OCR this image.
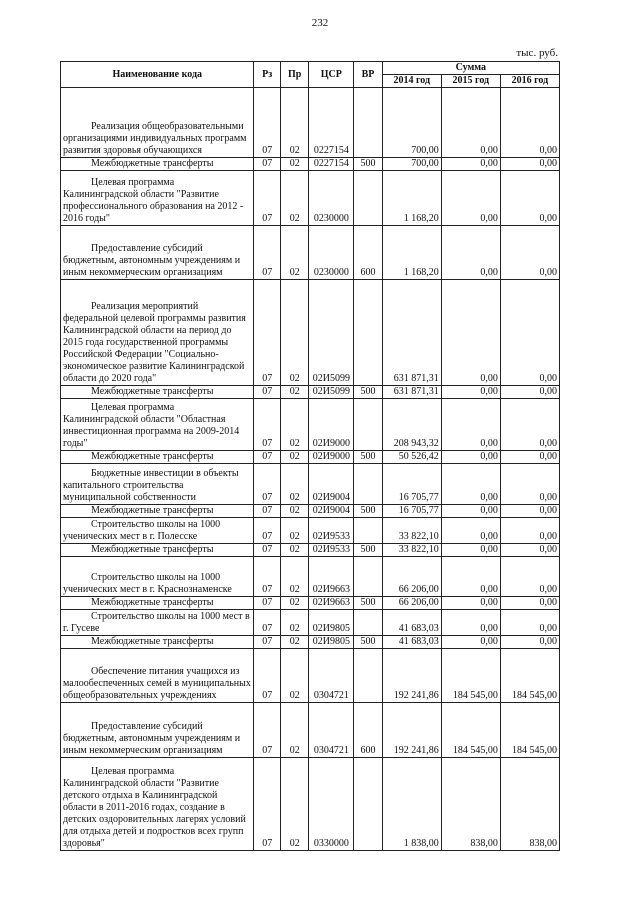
232
тыс. руб.
Наименование кода	Рз	Пр	ЦСР	ВР	Сумма		
					2014 год	2015 год	2016 год
Реализация общеобразовательными организациями индивидуальных программ развития здоровья обучающихся	07	02	0227154		700,00	0,00	0,00
Межбюджетные трансферты	07	02	0227154	500	700,00	0,00	0,00
Целевая программа Калининградской области "Развитие профессионального образования на 2012 - 2016 годы"	07	02	0230000		1 168,20	0,00	0,00
Предоставление субсидий бюджетным, автономным учреждениям и иным некоммерческим организациям	07	02	0230000	600	1 168,20	0,00	0,00
Реализация мероприятий федеральной целевой программы развития Калининградской области на период до 2015 года государственной программы Российской Федерации "Социально-экономическое развитие Калининградской области до 2020 года"	07	02	02И5099		631 871,31	0,00	0,00
Межбюджетные трансферты	07	02	02И5099	500	631 871,31	0,00	0,00
Целевая программа Калининградской области "Областная инвестиционная программа на 2009-2014 годы"	07	02	02И9000		208 943,32	0,00	0,00
Межбюджетные трансферты	07	02	02И9000	500	50 526,42	0,00	0,00
Бюджетные инвестиции в объекты капитального строительства муниципальной собственности	07	02	02И9004		16 705,77	0,00	0,00
Межбюджетные трансферты	07	02	02И9004	500	16 705,77	0,00	0,00
Строительство школы на 1000 ученических мест в г. Полесске	07	02	02И9533		33 822,10	0,00	0,00
Межбюджетные трансферты	07	02	02И9533	500	33 822,10	0,00	0,00
Строительство школы на 1000 ученических мест в г. Краснознаменске	07	02	02И9663		66 206,00	0,00	0,00
Межбюджетные трансферты	07	02	02И9663	500	66 206,00	0,00	0,00
Строительство школы на 1000 мест в г. Гусеве	07	02	02И9805		41 683,03	0,00	0,00
Межбюджетные трансферты	07	02	02И9805	500	41 683,03	0,00	0,00
Обеспечение питания учащихся из малообеспеченных семей в муниципальных общеобразовательных учреждениях	07	02	0304721		192 241,86	184 545,00	184 545,00
Предоставление субсидий бюджетным, автономным учреждениям и иным некоммерческим организациям	07	02	0304721	600	192 241,86	184 545,00	184 545,00
Целевая программа Калининградской области "Развитие детского отдыха в Калининградской области в 2011-2016 годах, создание в детских оздоровительных лагерях условий для отдыха детей и подростков всех групп здоровья"	07	02	0330000		1 838,00	838,00	838,00
